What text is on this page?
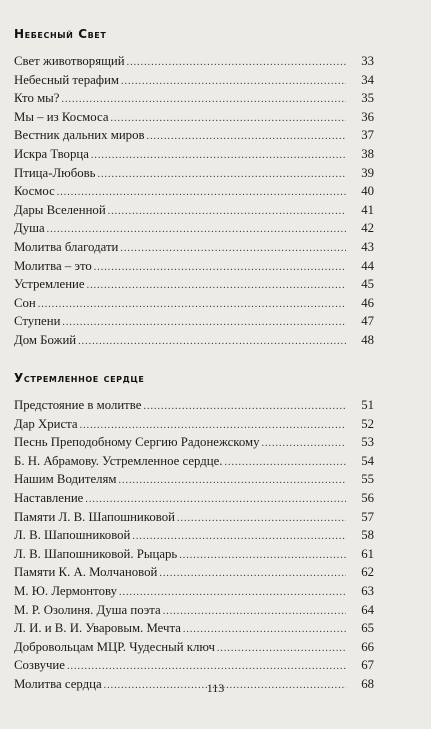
Небесный Свет
Свет животворящий .....	33
Небесный терафим .....	34
Кто мы? .....	35
Мы – из Космоса .....	36
Вестник дальних миров .....	37
Искра Творца .....	38
Птица-Любовь .....	39
Космос .....	40
Дары Вселенной .....	41
Душа .....	42
Молитва благодати .....	43
Молитва – это .....	44
Устремление .....	45
Сон .....	46
Ступени .....	47
Дом Божий .....	48
Устремленное сердце
Предстояние в молитве .....	51
Дар Христа .....	52
Песнь Преподобному Сергию Радонежскому .....	53
Б. Н. Абрамову. Устремленное сердце. .....	54
Нашим Водителям .....	55
Наставление .....	56
Памяти Л. В. Шапошниковой .....	57
Л. В. Шапошниковой .....	58
Л. В. Шапошниковой. Рыцарь .....	61
Памяти К. А. Молчановой .....	62
М. Ю. Лермонтову .....	63
М. Р. Озолиня. Душа поэта .....	64
Л. И. и В. И. Уваровым. Мечта .....	65
Добровольцам МЦР. Чудесный ключ .....	66
Созвучие .....	67
Молитва сердца .....	68
113
